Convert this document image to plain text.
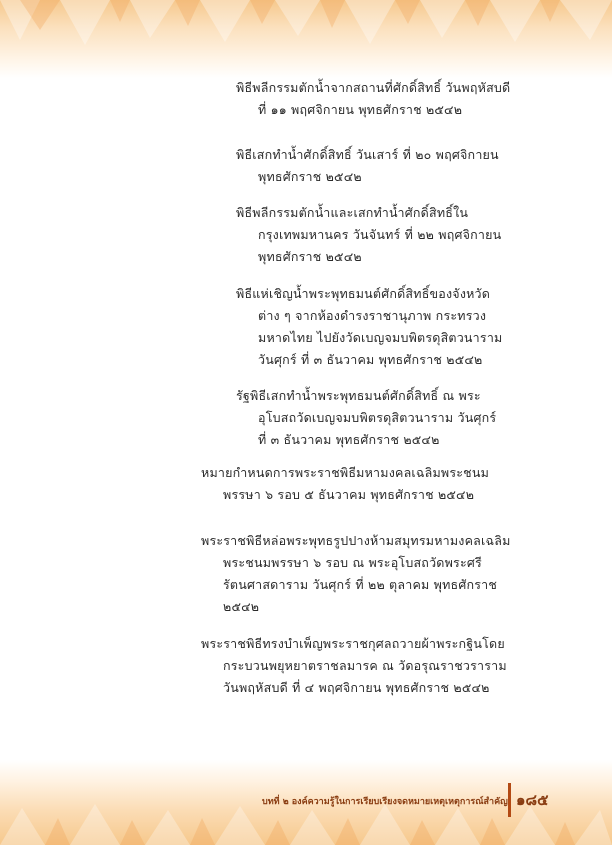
พิธีพลีกรรมตักน้ำจากสถานที่ศักดิ์สิทธิ์ วันพฤหัสบดี
ที่ ๑๑ พฤศจิกายน พุทธศักราช ๒๕๔๒
พิธีเสกทำน้ำศักดิ์สิทธิ์ วันเสาร์ ที่ ๒๐ พฤศจิกายน
พุทธศักราช ๒๕๔๒
พิธีพลีกรรมตักน้ำและเสกทำน้ำศักดิ์สิทธิ์ใน
กรุงเทพมหานคร วันจันทร์ ที่ ๒๒ พฤศจิกายน
พุทธศักราช ๒๕๔๒
พิธีแห่เชิญน้ำพระพุทธมนต์ศักดิ์สิทธิ์ของจังหวัด
ต่าง ๆ จากห้องดำรงราชานุภาพ กระทรวง
มหาดไทย ไปยังวัดเบญจมบพิตรดุสิตวนาราม
วันศุกร์ ที่ ๓ ธันวาคม พุทธศักราช ๒๕๔๒
รัฐพิธีเสกทำน้ำพระพุทธมนต์ศักดิ์สิทธิ์ ณ พระ
อุโบสถวัดเบญจมบพิตรดุสิตวนาราม วันศุกร์
ที่ ๓ ธันวาคม พุทธศักราช ๒๕๔๒
หมายกำหนดการพระราชพิธีมหามงคลเฉลิมพระชนม
พรรษา ๖ รอบ ๕ ธันวาคม พุทธศักราช ๒๕๔๒
พระราชพิธีหล่อพระพุทธรูปปางห้ามสมุทรมหามงคลเฉลิม
พระชนมพรรษา ๖ รอบ ณ พระอุโบสถวัดพระศรี
รัตนศาสดาราม วันศุกร์ ที่ ๒๒ ตุลาคม พุทธศักราช
๒๕๔๒
พระราชพิธีทรงบำเพ็ญพระราชกุศลถวายผ้าพระกฐินโดย
กระบวนพยุหยาตราชลมารค ณ วัดอรุณราชวราราม
วันพฤหัสบดี ที่ ๔ พฤศจิกายน พุทธศักราช ๒๕๔๒
บทที่ ๒ องค์ความรู้ในการเรียบเรียงจดหมายเหตุเหตุการณ์สำคัญ ๑๘๕
